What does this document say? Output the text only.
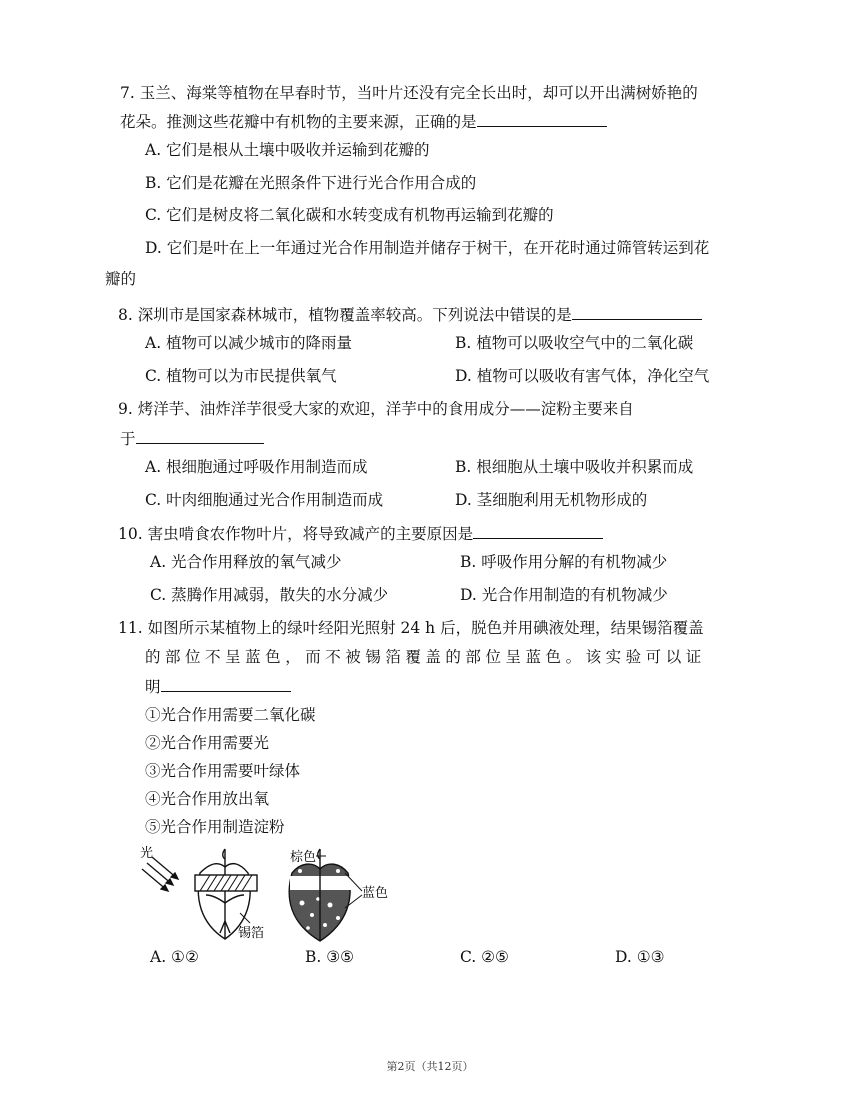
7. 玉兰、海棠等植物在早春时节，当叶片还没有完全长出时，却可以开出满树娇艳的
花朵。推测这些花瓣中有机物的主要来源，正确的是
A. 它们是根从土壤中吸收并运输到花瓣的
B. 它们是花瓣在光照条件下进行光合作用合成的
C. 它们是树皮将二氧化碳和水转变成有机物再运输到花瓣的
D. 它们是叶在上一年通过光合作用制造并储存于树干，在开花时通过筛管转运到花
瓣的
8. 深圳市是国家森林城市，植物覆盖率较高。下列说法中错误的是
A. 植物可以减少城市的降雨量	B. 植物可以吸收空气中的二氧化碳
C. 植物可以为市民提供氧气	D. 植物可以吸收有害气体，净化空气
9. 烤洋芋、油炸洋芋很受大家的欢迎，洋芋中的食用成分——淀粉主要来自
于
A. 根细胞通过呼吸作用制造而成	B. 根细胞从土壤中吸收并积累而成
C. 叶肉细胞通过光合作用制造而成	D. 茎细胞利用无机物形成的
10. 害虫啃食农作物叶片，将导致减产的主要原因是
A. 光合作用释放的氧气减少	B. 呼吸作用分解的有机物减少
C. 蒸腾作用减弱，散失的水分减少	D. 光合作用制造的有机物减少
11. 如图所示某植物上的绿叶经阳光照射 24 h 后，脱色并用碘液处理，结果锡箔覆盖
的 部 位 不 呈 蓝 色 ， 而 不 被 锡 箔 覆 盖 的 部 位 呈 蓝 色 。 该 实 验 可 以 证
明
①光合作用需要二氧化碳
②光合作用需要光
③光合作用需要叶绿体
④光合作用放出氧
⑤光合作用制造淀粉
光
锡箔
棕色
蓝色
A. ①②	B. ③⑤	C. ②⑤	D. ①③
第2页（共12页）
